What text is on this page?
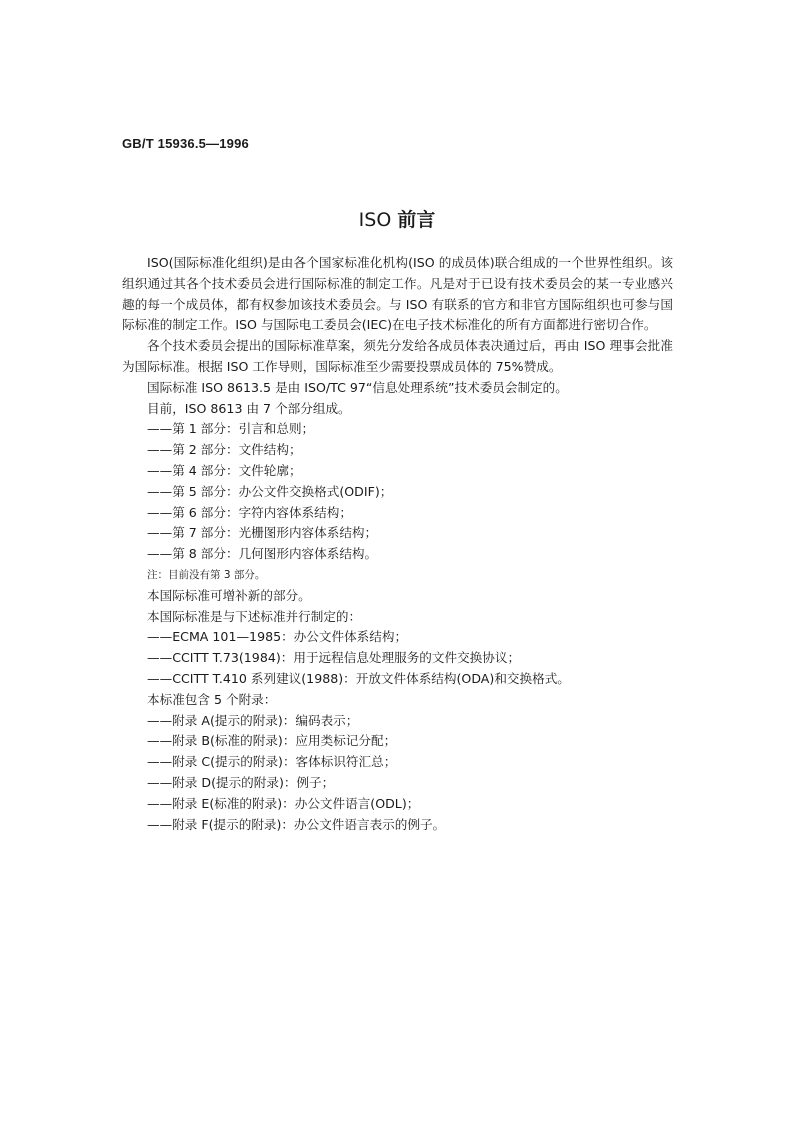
GB/T 15936.5—1996
ISO 前言

ISO(国际标准化组织)是由各个国家标准化机构(ISO 的成员体)联合组成的一个世界性组织。该组织通过其各个技术委员会进行国际标准的制定工作。凡是对于已设有技术委员会的某一专业感兴趣的每一个成员体，都有权参加该技术委员会。与 ISO 有联系的官方和非官方国际组织也可参与国际标准的制定工作。ISO 与国际电工委员会(IEC)在电子技术标准化的所有方面都进行密切合作。

各个技术委员会提出的国际标准草案，须先分发给各成员体表决通过后，再由 ISO 理事会批准为国际标准。根据 ISO 工作导则，国际标准至少需要投票成员体的 75%赞成。

国际标准 ISO 8613.5 是由 ISO/TC 97“信息处理系统”技术委员会制定的。

目前，ISO 8613 由 7 个部分组成。

——第 1 部分：引言和总则；

——第 2 部分：文件结构；

——第 4 部分：文件轮廓；

——第 5 部分：办公文件交换格式(ODIF)；

——第 6 部分：字符内容体系结构；

——第 7 部分：光栅图形内容体系结构；

——第 8 部分：几何图形内容体系结构。

注：目前没有第 3 部分。

本国际标准可增补新的部分。

本国际标准是与下述标准并行制定的：

——ECMA 101—1985：办公文件体系结构；

——CCITT T.73(1984)：用于远程信息处理服务的文件交换协议；

——CCITT T.410 系列建议(1988)：开放文件体系结构(ODA)和交换格式。

本标准包含 5 个附录：

——附录 A(提示的附录)：编码表示；

——附录 B(标准的附录)：应用类标记分配；

——附录 C(提示的附录)：客体标识符汇总；

——附录 D(提示的附录)：例子；

——附录 E(标准的附录)：办公文件语言(ODL)；

——附录 F(提示的附录)：办公文件语言表示的例子。
